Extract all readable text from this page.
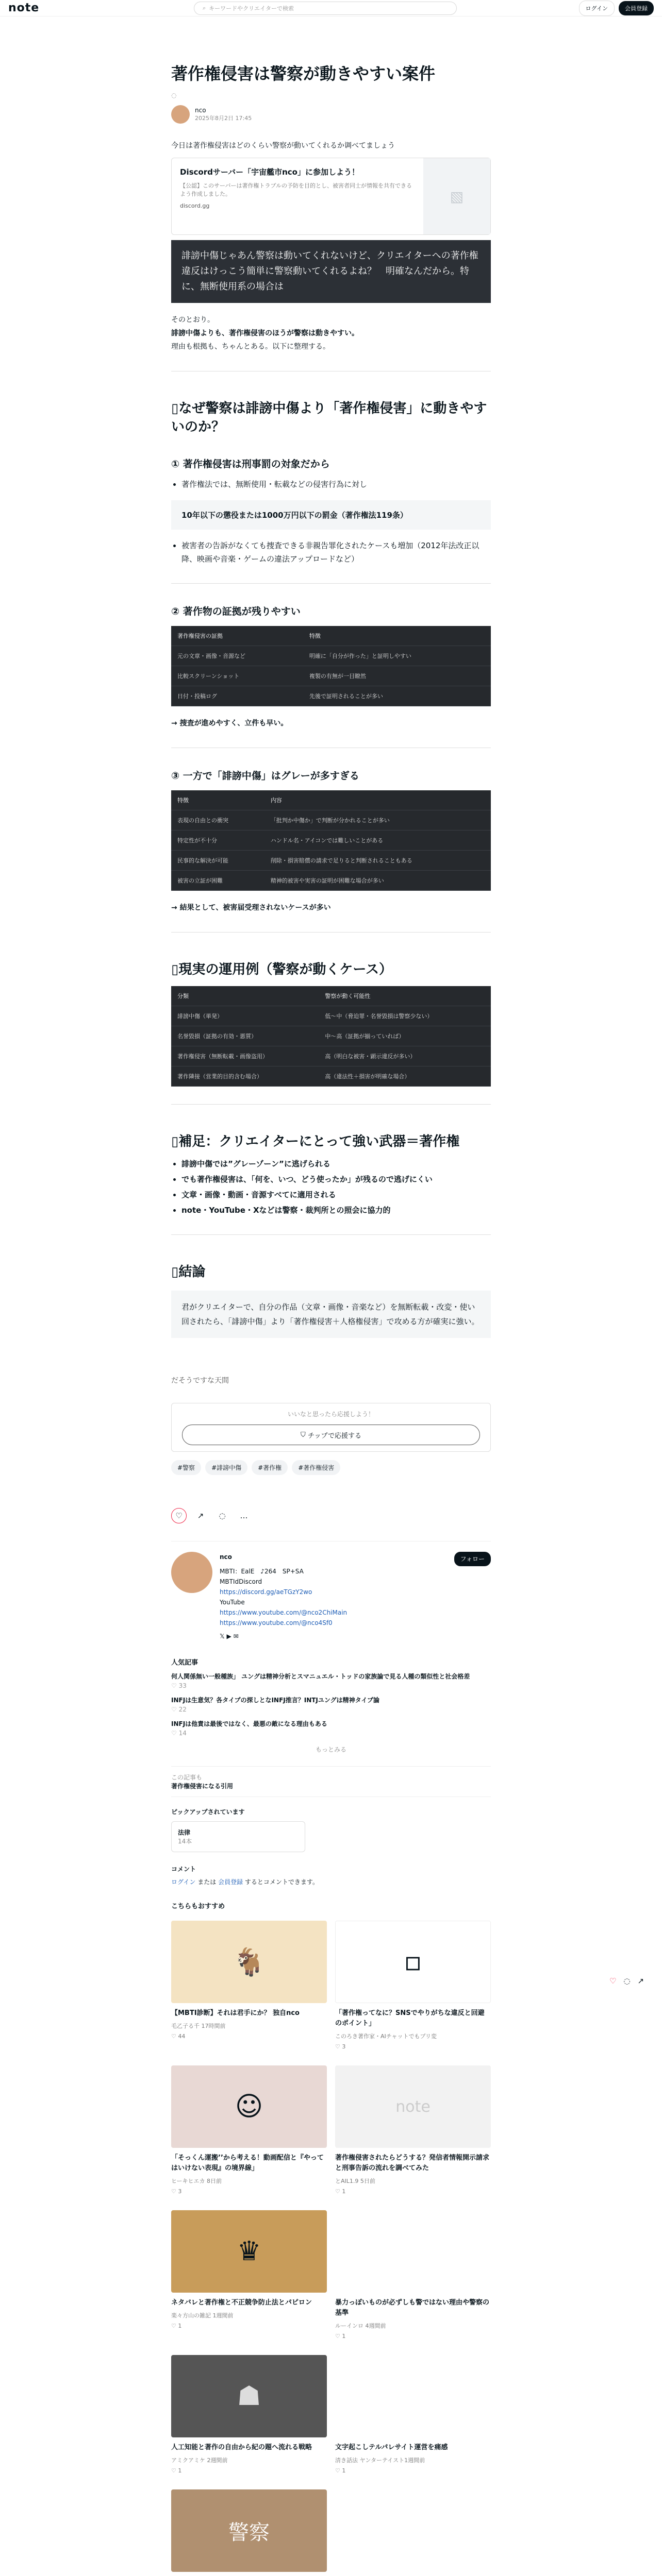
note	⌕ キーワードやクリエイターで検索	ログイン	会員登録
著作権侵害は警察が動きやすい案件
◌
nco
2025年8月2日 17:45

今日は著作権侵害はどのくらい警察が動いてくれるか调べてましょう

Discordサーバー「宇宙艦市nco」に参加しよう！
【公認】このサーバーは著作権トラブルの予防を目的とし、被害者同士が情報を共有できるよう作成しました。
discord.gg
▧
誹謗中傷じゃあん警察は動いてくれないけど、クリエイターへの著作権違反はけっこう簡単に警察動いてくれるよね？　明確なんだから。特に、無断使用系の場合は

そのとおり。

誹謗中傷よりも、著作権侵害のほうが警察は動きやすい。

理由も根拠も、ちゃんとある。以下に整理する。

▯なぜ警察は誹謗中傷より「著作権侵害」に動きやすいのか？
① 著作権侵害は刑事罰の対象だから
• 著作権法では、無断使用・転載などの侵害行為に対し
10年以下の懲役または1000万円以下の罰金（著作権法119条）
• 被害者の告訴がなくても捜査できる非親告罪化されたケースも増加（2012年法改正以降、映画や音楽・ゲームの違法アップロードなど）
② 著作物の証拠が残りやすい
著作権侵害の証拠	特徴
元の文章・画像・音源など	明確に「自分が作った」と証明しやすい
比較スクリーンショット	複製の有無が一目瞭然
日付・投稿ログ	先後で証明されることが多い

→ 捜査が進めやすく、立件も早い。

③ 一方で「誹謗中傷」はグレーが多すぎる
特徴	内容
表現の自由との衝突	「批判か中傷か」で判断が分かれることが多い
特定性が不十分	ハンドル名・アイコンでは難しいことがある
民事的な解決が可能	削除・損害賠償の請求で足りると判断されることもある
被害の立証が困難	精神的被害や実害の証明が困難な場合が多い

→ 結果として、被害届受理されないケースが多い

▯現実の運用例（警察が動くケース）
分類	警察が動く可能性
誹謗中傷（単発）	低〜中（脅迫罪・名誉毀損は警察少ない）
名誉毀損（証拠の有効・悪質）	中〜高（証拠が揃っていれば）
著作権侵害（無断転載・画像盗用）	高（明白な被害・顕示違反が多い）
著作隣接（営業的目的含む場合）	高（違法性＋損害が明確な場合）
▯補足：クリエイターにとって強い武器＝著作権
• 誹謗中傷では”グレーゾーン”に逃げられる
• でも著作権侵害は、「何を、いつ、どう使ったか」が残るので逃げにくい
• 文章・画像・動画・音源すべてに適用される
• note・YouTube・Xなどは警察・裁判所との照会に協力的
▯結論
君がクリエイターで、自分の作品（文章・画像・音楽など）を無断転載・改変・使い回されたら、「誹謗中傷」より「著作権侵害＋人格権侵害」で攻める方が確実に強い。

だそうですな天間

いいなと思ったら応援しよう！
⛉
チップで応援する
#警察	#誹謗中傷	#著作権	#著作権侵害
♡ ↗ ◌ …
nco	フォロー
MBTI：EalE　♪264　SP+SA
MBTIdDiscord
https://discord.gg/aeTGzY2wo
YouTube
https://www.youtube.com/@nco2ChiMain
https://www.youtube.com/@nco4Sf0
𝕏 ▶ ✉
人気記事
何人関係無い一般種族」 ユングは精神分析とスマニュエル・トッドの家族論で見る人種の類似性と社会格差
♡ 33
INFJは生意気？各タイプの探しとなINFJ推言？INTJユングは精神タイプ論
♡ 22
INFJは他責は最後ではなく、最悪の敵になる理由もある
♡ 14
もっとみる
この記事も
著作権侵害になる引用
ピックアップされています
法律
14本
コメント
ログイン または 会員登録 するとコメントできます。
こちらもおすすめ
🐐
【MBTI診断】それは君手にか？ 独自nco
毛乙子る千 17時間前
♡ 44
▫
「著作権ってなに？SNSでやりがちな違反と回避のポイント」
このろき著作家・AIチャットでもプリ変
♡ 3
☺
「そっくん運搬’’から考える！動画配信と『やってはいけない表現』の境界線」
ヒーキヒエカ 8日前
♡ 3
note
著作権侵害されたらどうする？発信者情報開示請求と刑事告訴の流れを調べてみた
とAIL1.9 5日前
♡ 1
♛
ネタバレと著作権と不正競争防止法とパピロン
楽々方山の雑記 1週間前
♡ 1
暴力っぽいものが必ずしも警ではない理由や警察の基準
ルーインロ 4週間前
♡ 1
☗
人工知能と著作の自由から紀の題へ流れる戦略
アミクアミケ 2週間前
♡ 1
文字起こしテルパレサイト運営を痛感
清き話法 ヤンターテイスト1週間前
♡ 1
警察
♡ ◌ ↗
